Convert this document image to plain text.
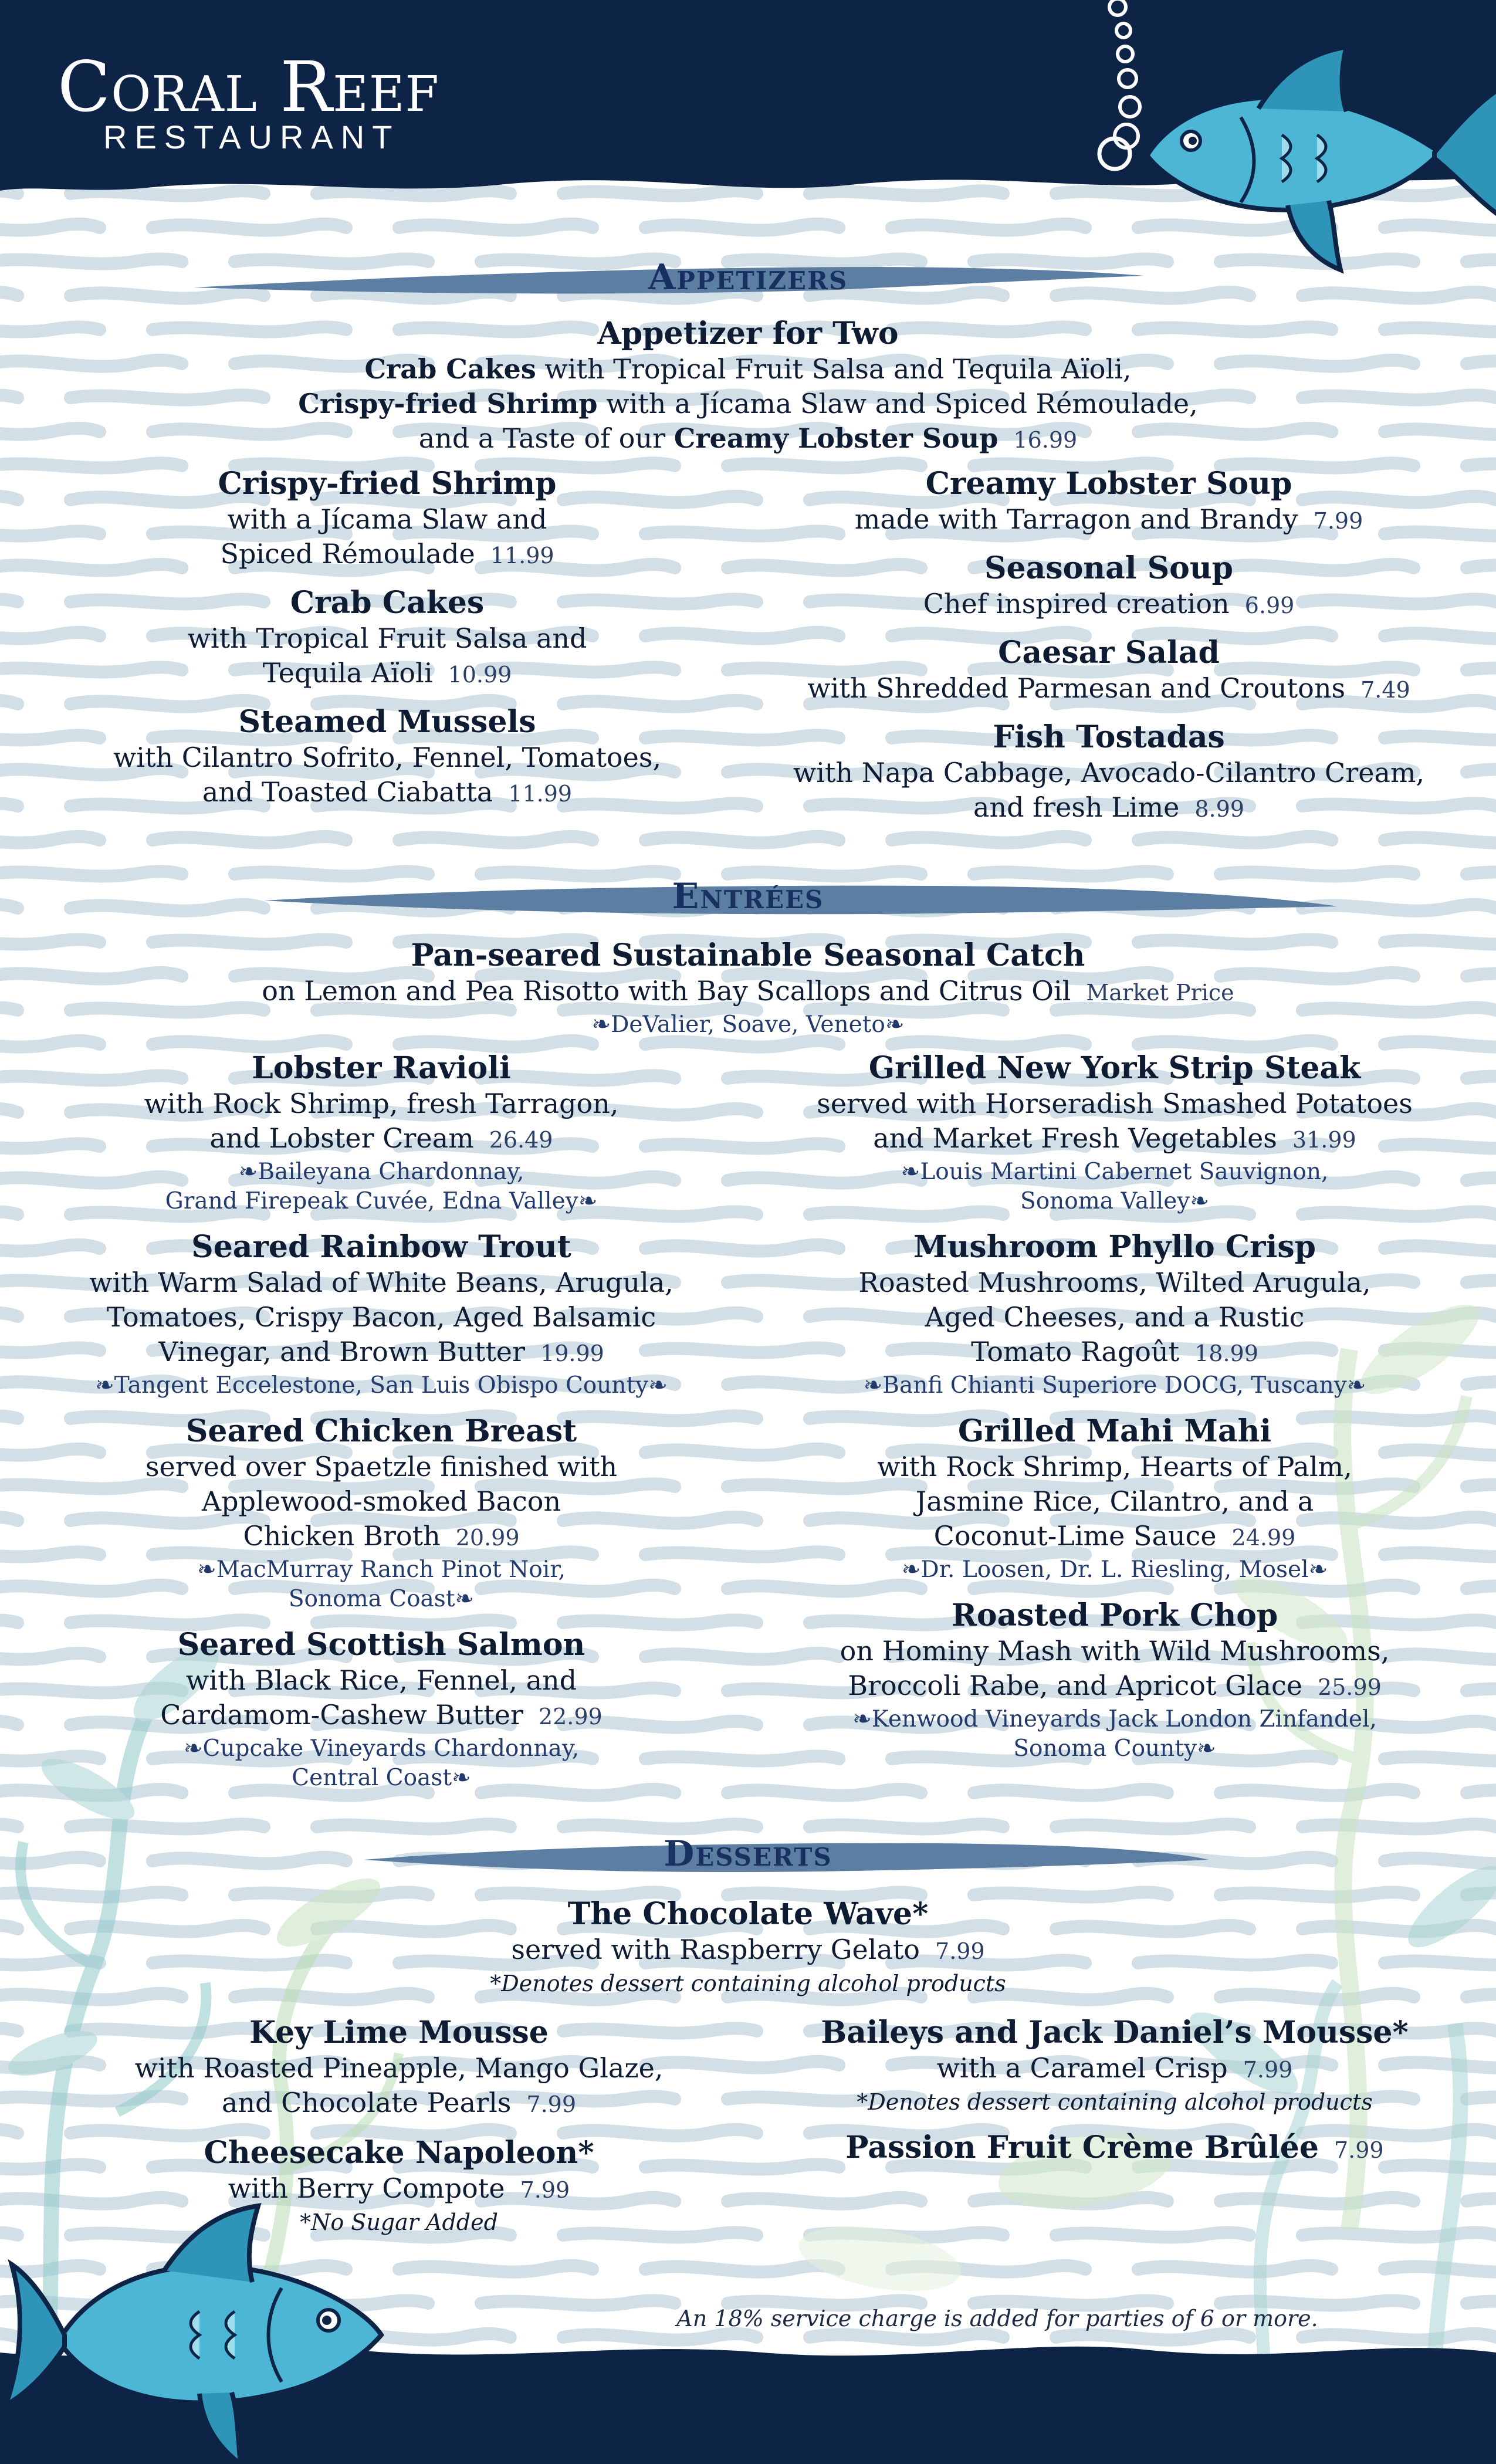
Coral Reef
RESTAURANT
Appetizers
Entrées
Desserts
Appetizer for Two
Crab Cakes with Tropical Fruit Salsa and Tequila Aïoli,
Crispy-fried Shrimp with a Jícama Slaw and Spiced Rémoulade,
and a Taste of our Creamy Lobster Soup 16.99
Crispy-fried Shrimp
with a Jícama Slaw and
Spiced Rémoulade 11.99
Crab Cakes
with Tropical Fruit Salsa and
Tequila Aïoli 10.99
Steamed Mussels
with Cilantro Sofrito, Fennel, Tomatoes,
and Toasted Ciabatta 11.99
Creamy Lobster Soup
made with Tarragon and Brandy 7.99
Seasonal Soup
Chef inspired creation 6.99
Caesar Salad
with Shredded Parmesan and Croutons 7.49
Fish Tostadas
with Napa Cabbage, Avocado-Cilantro Cream,
and fresh Lime 8.99
Pan-seared Sustainable Seasonal Catch
on Lemon and Pea Risotto with Bay Scallops and Citrus Oil Market Price
❧DeValier, Soave, Veneto❧
Lobster Ravioli
with Rock Shrimp, fresh Tarragon,
and Lobster Cream 26.49
❧Baileyana Chardonnay,
Grand Firepeak Cuvée, Edna Valley❧
Seared Rainbow Trout
with Warm Salad of White Beans, Arugula,
Tomatoes, Crispy Bacon, Aged Balsamic
Vinegar, and Brown Butter 19.99
❧Tangent Eccelestone, San Luis Obispo County❧
Seared Chicken Breast
served over Spaetzle finished with
Applewood-smoked Bacon
Chicken Broth 20.99
❧MacMurray Ranch Pinot Noir,
Sonoma Coast❧
Seared Scottish Salmon
with Black Rice, Fennel, and
Cardamom-Cashew Butter 22.99
❧Cupcake Vineyards Chardonnay,
Central Coast❧
Grilled New York Strip Steak
served with Horseradish Smashed Potatoes
and Market Fresh Vegetables 31.99
❧Louis Martini Cabernet Sauvignon,
Sonoma Valley❧
Mushroom Phyllo Crisp
Roasted Mushrooms, Wilted Arugula,
Aged Cheeses, and a Rustic
Tomato Ragoût 18.99
❧Banfi Chianti Superiore DOCG, Tuscany❧
Grilled Mahi Mahi
with Rock Shrimp, Hearts of Palm,
Jasmine Rice, Cilantro, and a
Coconut-Lime Sauce 24.99
❧Dr. Loosen, Dr. L. Riesling, Mosel❧
Roasted Pork Chop
on Hominy Mash with Wild Mushrooms,
Broccoli Rabe, and Apricot Glace 25.99
❧Kenwood Vineyards Jack London Zinfandel,
Sonoma County❧
The Chocolate Wave*
served with Raspberry Gelato 7.99
*Denotes dessert containing alcohol products
Key Lime Mousse
with Roasted Pineapple, Mango Glaze,
and Chocolate Pearls 7.99
Cheesecake Napoleon*
with Berry Compote 7.99
*No Sugar Added
Baileys and Jack Daniel’s Mousse*
with a Caramel Crisp 7.99
*Denotes dessert containing alcohol products
Passion Fruit Crème Brûlée 7.99
An 18% service charge is added for parties of 6 or more.
